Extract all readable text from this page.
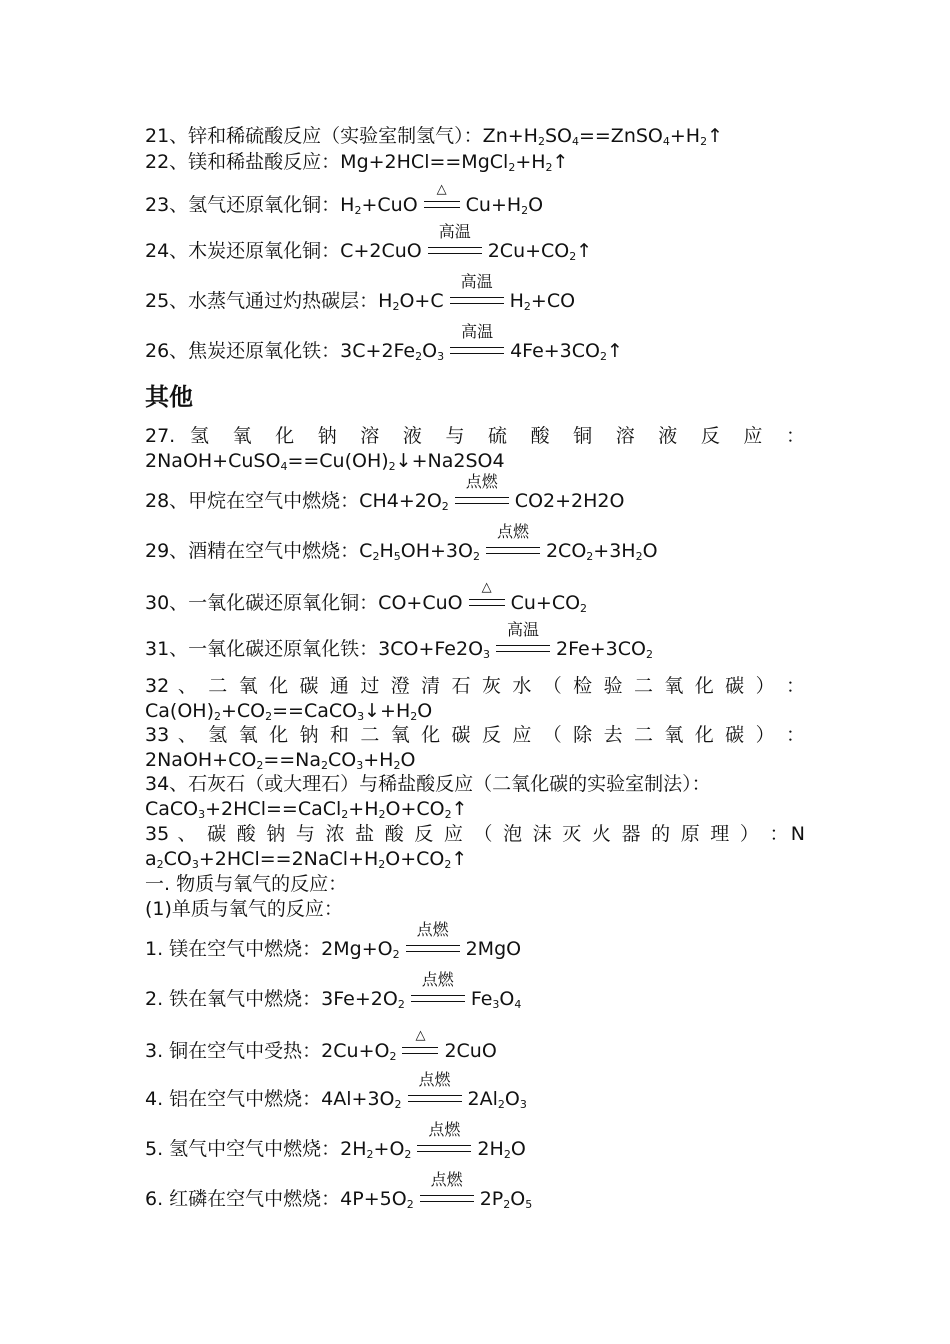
21、锌和稀硫酸反应（实验室制氢气）：$Zn+H_2SO_4==ZnSO_4+H_2↑$
22、镁和稀盐酸反应：$Mg+2HCl==MgCl_2+H_2↑$
23、氢气还原氧化铜：$H_2+CuO$
△
$Cu+H_2O$
24、木炭还原氧化铜：C+2CuO
高温
$2Cu+CO_2↑$
25、水蒸气通过灼热碳层：$H_2O+C$
高温
$H_2+CO$
26、焦炭还原氧化铁：$3C+2Fe_2O_3$
高温
$4Fe+3CO_2↑$
其他
27. 氢 氧 化 钠 溶 液 与 硫 酸 铜 溶 液 反 应 ：
$2NaOH+CuSO_4==Cu(OH)_2↓+Na2SO4$
28、甲烷在空气中燃烧：$CH4+2O_2$
点燃
CO2+2H2O
29、酒精在空气中燃烧：$C_2H_5OH+3O_2$
点燃
$2CO_2+3H_2O$
30、一氧化碳还原氧化铜：CO+CuO
△
$Cu+CO_2$
31、一氧化碳还原氧化铁：$3CO+Fe2O_3$
高温
$2Fe+3CO_2$
32 、 二 氧 化 碳 通 过 澄 清 石 灰 水 （ 检 验 二 氧 化 碳 ） ：
$Ca(OH)_2+CO_2==CaCO_3↓+H_2O$
33 、 氢 氧 化 钠 和 二 氧 化 碳 反 应 （ 除 去 二 氧 化 碳 ） ：
$2NaOH+CO_2==Na_2CO_3+H_2O$
34、石灰石（或大理石）与稀盐酸反应（二氧化碳的实验室制法）：
$CaCO_3+2HCl==CaCl_2+H_2O+CO_2↑$
35 、 碳 酸 钠 与 浓 盐 酸 反 应 （ 泡 沫 灭 火 器 的 原 理 ） ：N
$a_2CO_3+2HCl==2NaCl+H_2O+CO_2↑$
一. 物质与氧气的反应：
(1)单质与氧气的反应：
1. 镁在空气中燃烧：$2Mg+O_2$
点燃
2MgO
2. 铁在氧气中燃烧：$3Fe+2O_2$
点燃
$Fe_3O_4$
3. 铜在空气中受热：$2Cu+O_2$
△
2CuO
4. 铝在空气中燃烧：$4Al+3O_2$
点燃
$2Al_2O_3$
5. 氢气中空气中燃烧：$2H_2+O_2$
点燃
$2H_2O$
6. 红磷在空气中燃烧：$4P+5O_2$
点燃
$2P_2O_5$
